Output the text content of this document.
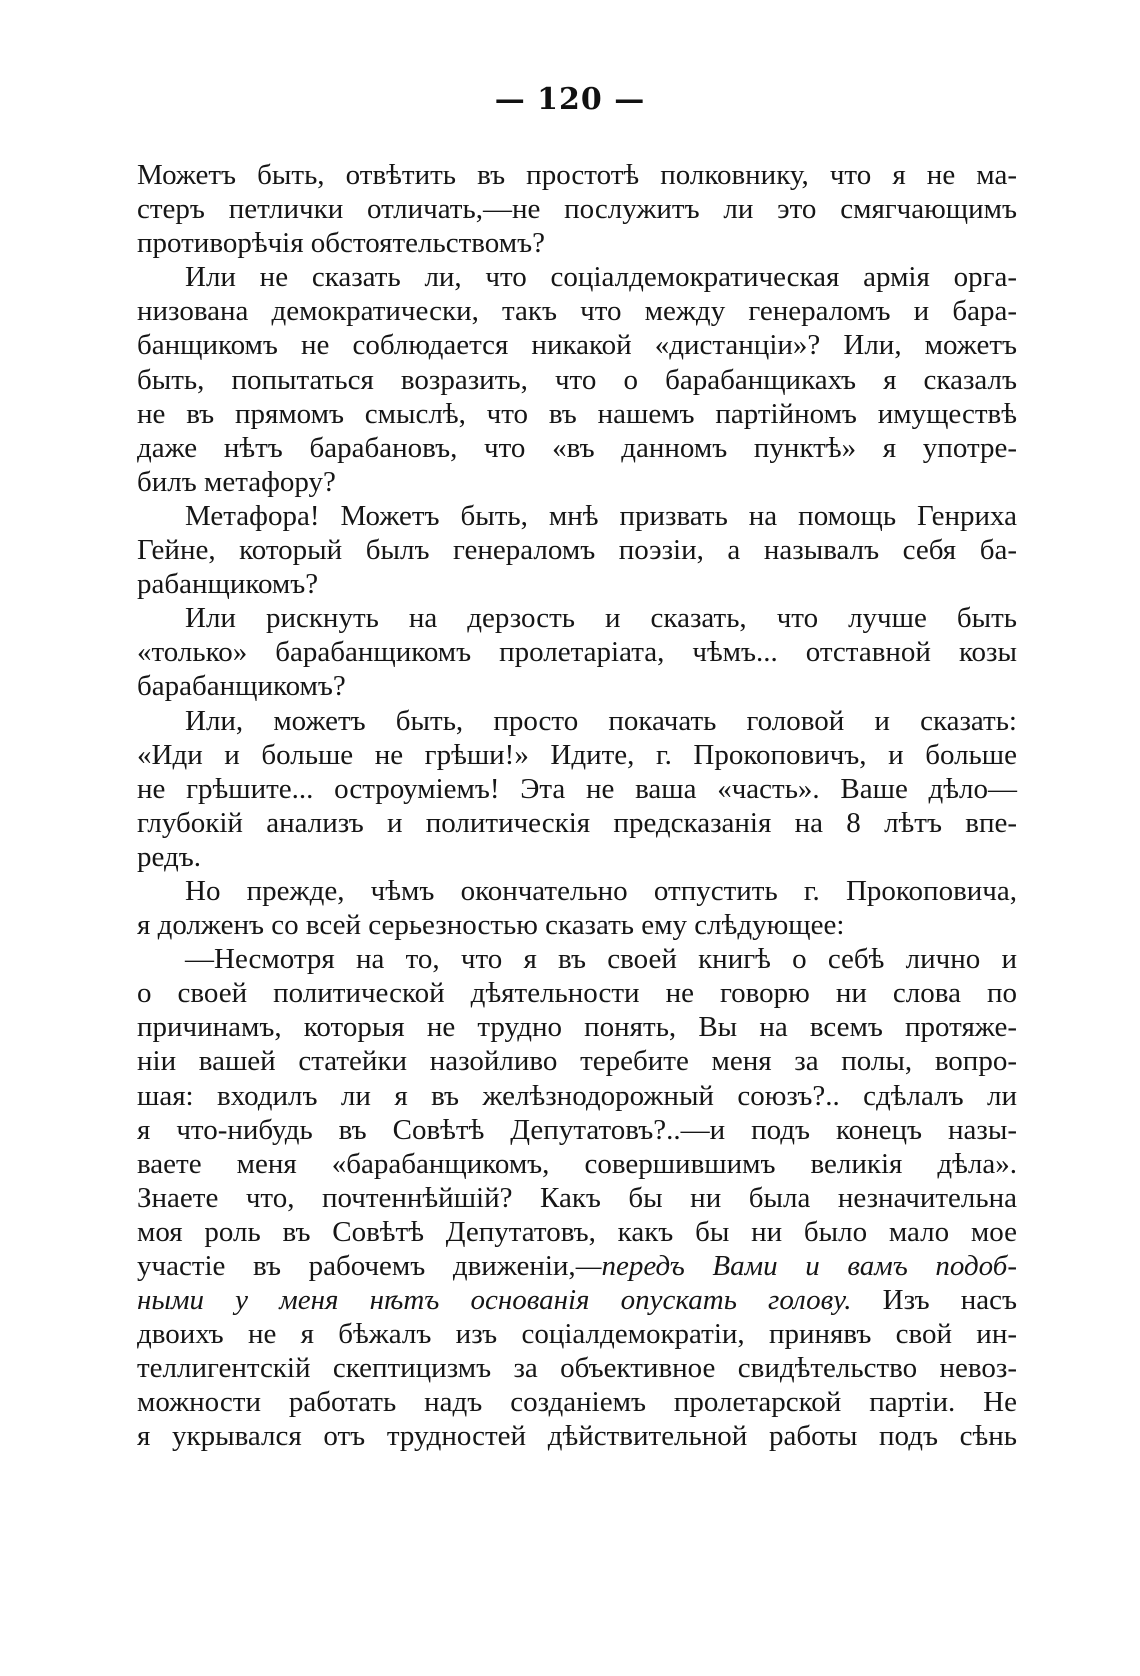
— 120 —

Можетъ быть, отвѣтить въ простотѣ полковнику, что я не ма-
стеръ петлички отличать,—не послужитъ ли это смягчающимъ
противорѣчія обстоятельствомъ?

Или не сказать ли, что соціалдемократическая армія орга-
низована демократически, такъ что между генераломъ и бара-
банщикомъ не соблюдается никакой «дистанціи»? Или, можетъ
быть, попытаться возразить, что о барабанщикахъ я сказалъ
не въ прямомъ смыслѣ, что въ нашемъ партійномъ имуществѣ
даже нѣтъ барабановъ, что «въ данномъ пунктѣ» я употре-
билъ метафору?

Метафора! Можетъ быть, мнѣ призвать на помощь Генриха
Гейне, который былъ генераломъ поэзіи, а называлъ себя ба-
рабанщикомъ?

Или рискнуть на дерзость и сказать, что лучше быть
«только» барабанщикомъ пролетаріата, чѣмъ... отставной козы
барабанщикомъ?

Или, можетъ быть, просто покачать головой и сказать:
«Иди и больше не грѣши!» Идите, г. Прокоповичъ, и больше
не грѣшите... остроуміемъ! Эта не ваша «часть». Ваше дѣло—
глубокій анализъ и политическія предсказанія на 8 лѣтъ впе-
редъ.

Но прежде, чѣмъ окончательно отпустить г. Прокоповича,
я долженъ со всей серьезностью сказать ему слѣдующее:

—Несмотря на то, что я въ своей книгѣ о себѣ лично и
о своей политической дѣятельности не говорю ни слова по
причинамъ, которыя не трудно понять, Вы на всемъ протяже-
ніи вашей статейки назойливо теребите меня за полы, вопро-
шая: входилъ ли я въ желѣзнодорожный союзъ?.. сдѣлалъ ли
я что-нибудь въ Совѣтѣ Депутатовъ?..—и подъ конецъ назы-
ваете меня «барабанщикомъ, совершившимъ великія дѣла».
Знаете что, почтеннѣйшій? Какъ бы ни была незначительна
моя роль въ Совѣтѣ Депутатовъ, какъ бы ни было мало мое
участіе въ рабочемъ движеніи,—передъ Вами и вамъ подоб-
ными у меня нѣтъ основанія опускать голову. Изъ насъ
двоихъ не я бѣжалъ изъ соціалдемократіи, принявъ свой ин-
теллигентскій скептицизмъ за объективное свидѣтельство невоз-
можности работать надъ созданіемъ пролетарской партіи. Не
я укрывался отъ трудностей дѣйствительной работы подъ сѣнь
